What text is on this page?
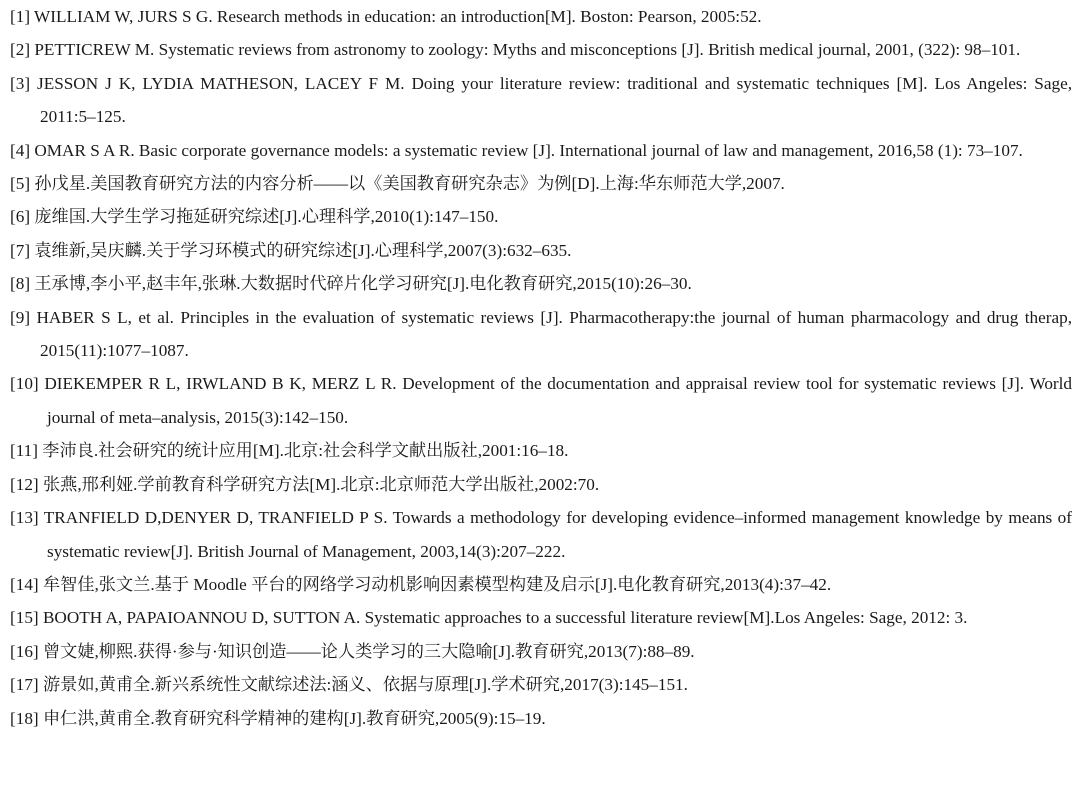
[1] WILLIAM W, JURS S G. Research methods in education: an introduction[M]. Boston: Pearson, 2005:52.

[2] PETTICREW M. Systematic reviews from astronomy to zoology: Myths and misconceptions [J]. British medical journal, 2001, (322): 98–101.

[3] JESSON J K, LYDIA MATHESON, LACEY F M. Doing your literature review: traditional and systematic techniques [M]. Los Angeles: Sage, 2011:5–125.

[4] OMAR S A R. Basic corporate governance models: a systematic review [J]. International journal of law and management, 2016,58 (1): 73–107.

[5] 孙戊星.美国教育研究方法的内容分析——以《美国教育研究杂志》为例[D].上海:华东师范大学,2007.

[6] 庞维国.大学生学习拖延研究综述[J].心理科学,2010(1):147–150.

[7] 袁维新,吴庆麟.关于学习环模式的研究综述[J].心理科学,2007(3):632–635.

[8] 王承博,李小平,赵丰年,张琳.大数据时代碎片化学习研究[J].电化教育研究,2015(10):26–30.

[9] HABER S L, et al. Principles in the evaluation of systematic reviews [J]. Pharmacotherapy:the journal of human pharmacology and drug therap, 2015(11):1077–1087.

[10] DIEKEMPER R L, IRWLAND B K, MERZ L R. Development of the documentation and appraisal review tool for systematic reviews [J]. World journal of meta–analysis, 2015(3):142–150.

[11] 李沛良.社会研究的统计应用[M].北京:社会科学文献出版社,2001:16–18.

[12] 张燕,邢利娅.学前教育科学研究方法[M].北京:北京师范大学出版社,2002:70.

[13] TRANFIELD D,DENYER D, TRANFIELD P S. Towards a methodology for developing evidence–informed management knowledge by means of systematic review[J]. British Journal of Management, 2003,14(3):207–222.

[14] 牟智佳,张文兰.基于 Moodle 平台的网络学习动机影响因素模型构建及启示[J].电化教育研究,2013(4):37–42.

[15] BOOTH A, PAPAIOANNOU D, SUTTON A. Systematic approaches to a successful literature review[M].Los Angeles: Sage, 2012: 3.

[16] 曾文婕,柳熙.获得·参与·知识创造——论人类学习的三大隐喻[J].教育研究,2013(7):88–89.

[17] 游景如,黄甫全.新兴系统性文献综述法:涵义、依据与原理[J].学术研究,2017(3):145–151.

[18] 申仁洪,黄甫全.教育研究科学精神的建构[J].教育研究,2005(9):15–19.
